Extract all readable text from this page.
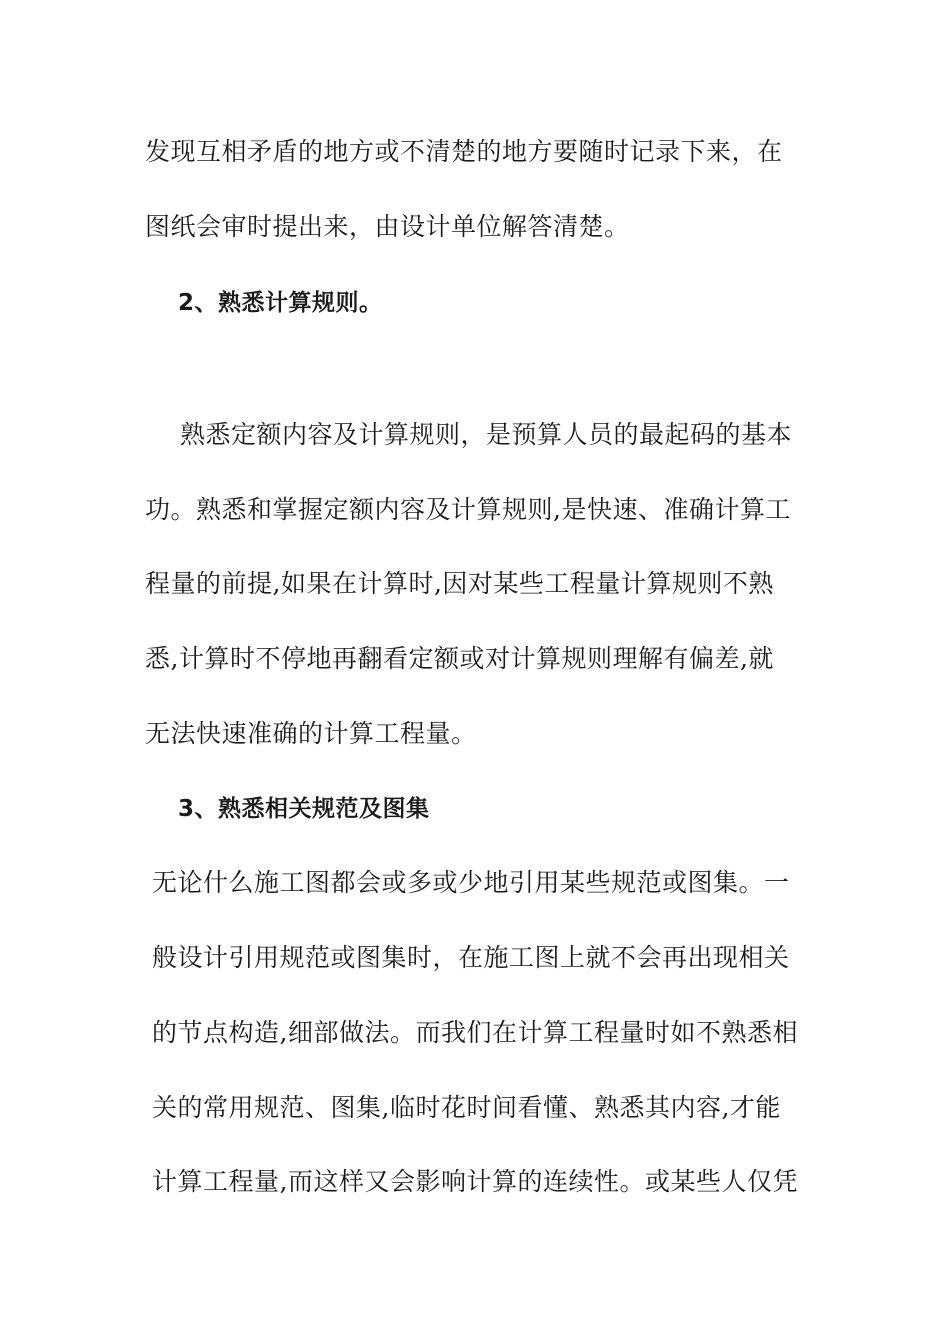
发现互相矛盾的地方或不清楚的地方要随时记录下来，在
图纸会审时提出来，由设计单位解答清楚。
2、熟悉计算规则。
熟悉定额内容及计算规则，是预算人员的最起码的基本
功。熟悉和掌握定额内容及计算规则,是快速、准确计算工
程量的前提,如果在计算时,因对某些工程量计算规则不熟
悉,计算时不停地再翻看定额或对计算规则理解有偏差,就
无法快速准确的计算工程量。
3、熟悉相关规范及图集
无论什么施工图都会或多或少地引用某些规范或图集。一
般设计引用规范或图集时，在施工图上就不会再出现相关
的节点构造,细部做法。而我们在计算工程量时如不熟悉相
关的常用规范、图集,临时花时间看懂、熟悉其内容,才能
计算工程量,而这样又会影响计算的连续性。或某些人仅凭
